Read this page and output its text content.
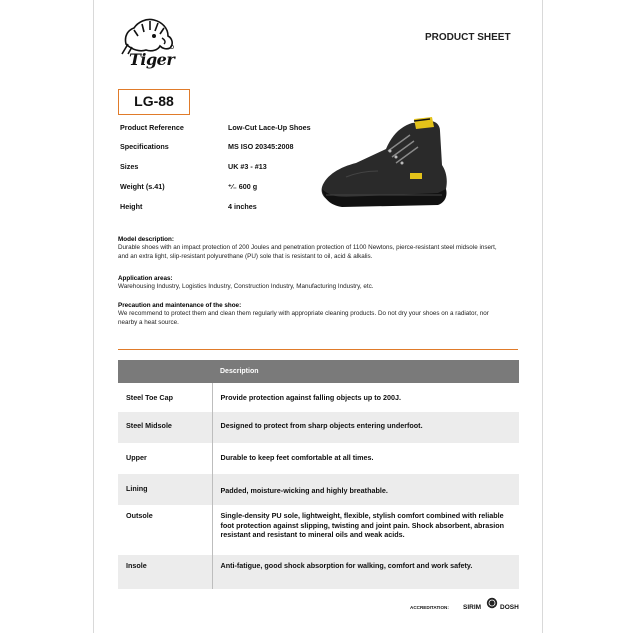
Tiger
PRODUCT SHEET
LG-88
Product Reference	Low-Cut Lace-Up Shoes
Specifications	MS ISO 20345:2008
Sizes	UK #3 - #13
Weight (s.41)	⁺⁄₋ 600 g
Height	4 inches
Model description:
Durable shoes with an impact protection of 200 Joules and penetration protection of 1100 Newtons, pierce-resistant steel midsole insert, and an extra light, slip-resistant polyurethane (PU) sole that is resistant to oil, acid & alkalis.
Application areas:
Warehousing Industry, Logistics Industry, Construction Industry, Manufacturing Industry, etc.
Precaution and maintenance of the shoe:
We recommend to protect them and clean them regularly with appropriate cleaning products. Do not dry your shoes on a radiator, nor nearby a heat source.
	Description
Steel Toe Cap	Provide protection against falling objects up to 200J.
Steel Midsole	Designed to protect from sharp objects entering underfoot.
Upper	Durable to keep feet comfortable at all times.
Lining	Padded, moisture-wicking and highly breathable.
Outsole	Single-density PU sole, lightweight, flexible, stylish comfort combined with reliable foot protection against slipping, twisting and joint pain. Shock absorbent, abrasion resistant and resistant to mineral oils and weak acids.
Insole	Anti-fatigue, good shock absorption for walking, comfort and work safety.
ACCREDITATION: SIRIM	DOSH
